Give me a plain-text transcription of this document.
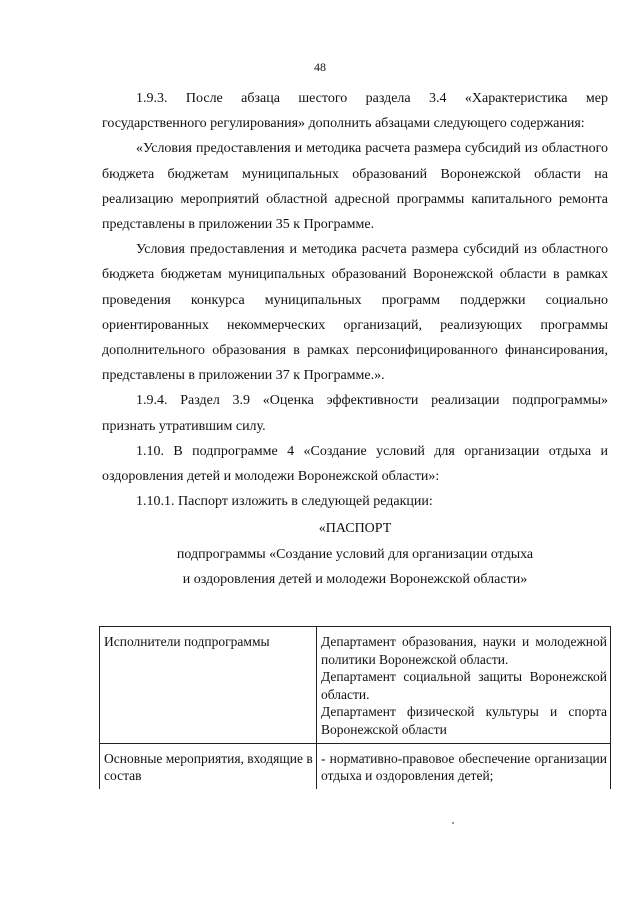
48

1.9.3. После абзаца шестого раздела 3.4 «Характеристика мер государственного регулирования» дополнить абзацами следующего содержания:

«Условия предоставления и методика расчета размера субсидий из областного бюджета бюджетам муниципальных образований Воронежской области на реализацию мероприятий областной адресной программы капитального ремонта представлены в приложении 35 к Программе.

Условия предоставления и методика расчета размера субсидий из областного бюджета бюджетам муниципальных образований Воронежской области в рамках проведения конкурса муниципальных программ поддержки социально ориентированных некоммерческих организаций, реализующих программы дополнительного образования в рамках персонифицированного финансирования, представлены в приложении 37 к Программе.».

1.9.4. Раздел 3.9 «Оценка эффективности реализации подпрограммы» признать утратившим силу.

1.10. В подпрограмме 4 «Создание условий для организации отдыха и оздоровления детей и молодежи Воронежской области»:

1.10.1. Паспорт изложить в следующей редакции:

«ПАСПОРТ

подпрограммы «Создание условий для организации отдыха

и оздоровления детей и молодежи Воронежской области»

Исполнители подпрограммы	Департамент образования, науки и молодежной политики Воронежской области.
Департамент социальной защиты Воронежской области.
Департамент физической культуры и спорта Воронежской области

Основные мероприятия, входящие в состав	- нормативно-правовое обеспечение организации отдыха и оздоровления детей;
